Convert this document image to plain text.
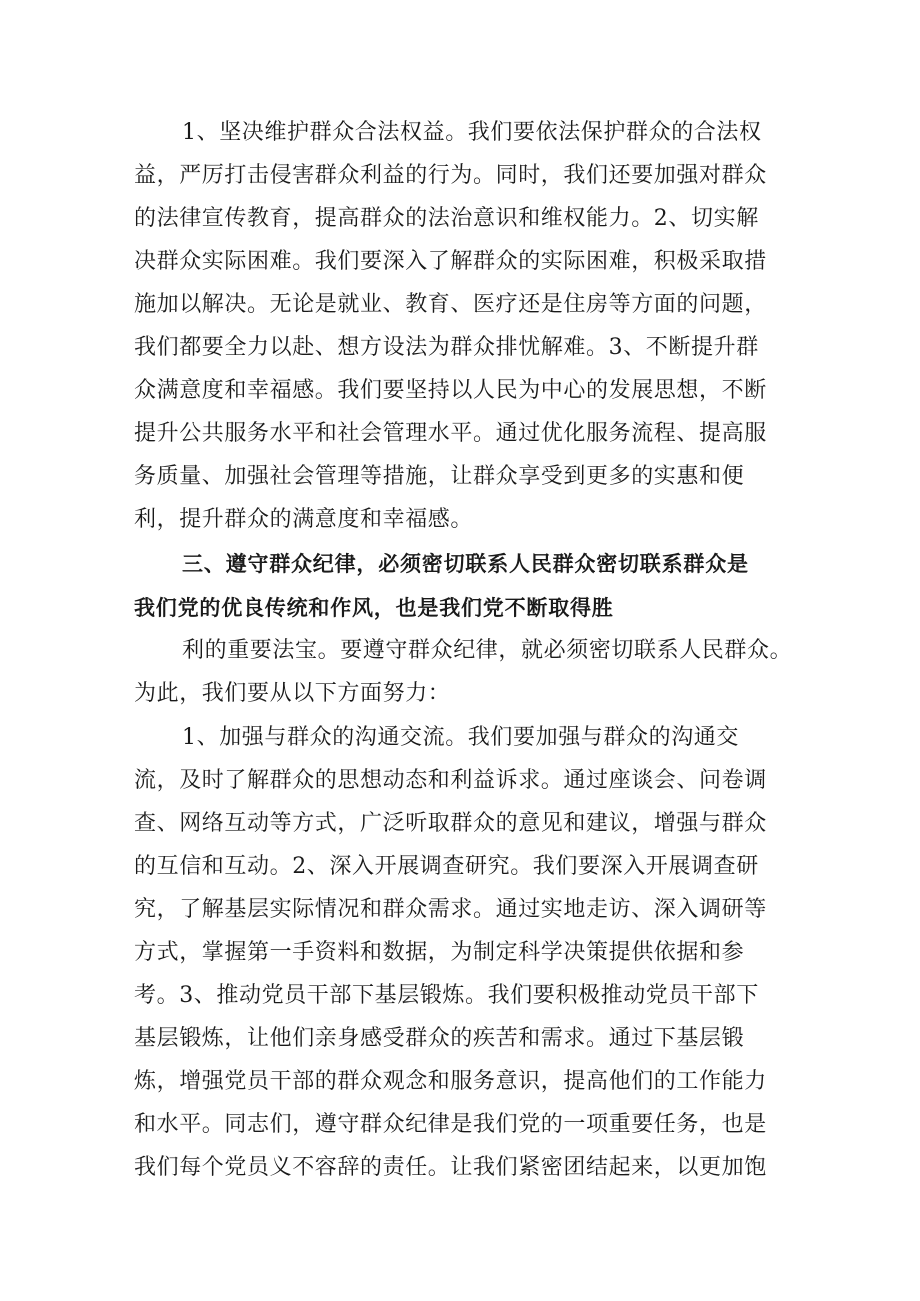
1、坚决维护群众合法权益。我们要依法保护群众的合法权
益，严厉打击侵害群众利益的行为。同时，我们还要加强对群众
的法律宣传教育，提高群众的法治意识和维权能力。2、切实解
决群众实际困难。我们要深入了解群众的实际困难，积极采取措
施加以解决。无论是就业、教育、医疗还是住房等方面的问题，
我们都要全力以赴、想方设法为群众排忧解难。3、不断提升群
众满意度和幸福感。我们要坚持以人民为中心的发展思想，不断
提升公共服务水平和社会管理水平。通过优化服务流程、提高服
务质量、加强社会管理等措施，让群众享受到更多的实惠和便
利，提升群众的满意度和幸福感。
三、遵守群众纪律，必须密切联系人民群众密切联系群众是
我们党的优良传统和作风，也是我们党不断取得胜
利的重要法宝。要遵守群众纪律，就必须密切联系人民群众。
为此，我们要从以下方面努力：
1、加强与群众的沟通交流。我们要加强与群众的沟通交
流，及时了解群众的思想动态和利益诉求。通过座谈会、问卷调
查、网络互动等方式，广泛听取群众的意见和建议，增强与群众
的互信和互动。2、深入开展调查研究。我们要深入开展调查研
究，了解基层实际情况和群众需求。通过实地走访、深入调研等
方式，掌握第一手资料和数据，为制定科学决策提供依据和参
考。3、推动党员干部下基层锻炼。我们要积极推动党员干部下
基层锻炼，让他们亲身感受群众的疾苦和需求。通过下基层锻
炼，增强党员干部的群众观念和服务意识，提高他们的工作能力
和水平。同志们，遵守群众纪律是我们党的一项重要任务，也是
我们每个党员义不容辞的责任。让我们紧密团结起来，以更加饱
